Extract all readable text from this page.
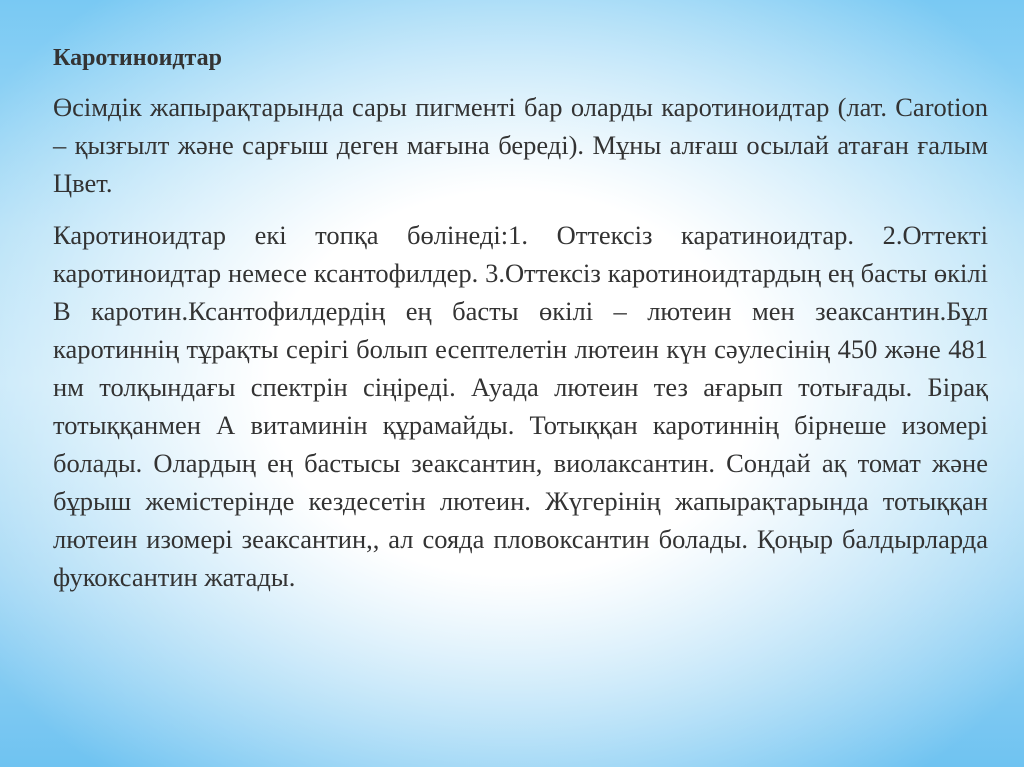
Каротиноидтар

Өсімдік жапырақтарында сары пигменті бар оларды каротиноидтар (лат. Carotion – қызғылт және сарғыш деген мағына береді). Мұны алғаш осылай атаған ғалым Цвет.

Каротиноидтар екі топқа бөлінеді:1. Оттексіз каратиноидтар. 2.Оттекті каротиноидтар немесе ксантофилдер. 3.Оттексіз каротиноидтардың ең басты өкілі В каротин.Ксантофилдердің ең басты өкілі – лютеин мен зеаксантин.Бұл каротиннің тұрақты серігі болып есептелетін лютеин күн сәулесінің 450 және 481 нм толқындағы спектрін сіңіреді. Ауада лютеин тез ағарып тотығады. Бірақ тотыққанмен А витаминін құрамайды. Тотыққан каротиннің бірнеше изомері болады. Олардың ең бастысы зеаксантин, виолаксантин. Сондай ақ томат және бұрыш жемістерінде кездесетін лютеин. Жүгерінің жапырақтарында тотыққан лютеин изомері зеаксантин,, ал сояда пловоксантин болады. Қоңыр балдырларда фукоксантин жатады.
